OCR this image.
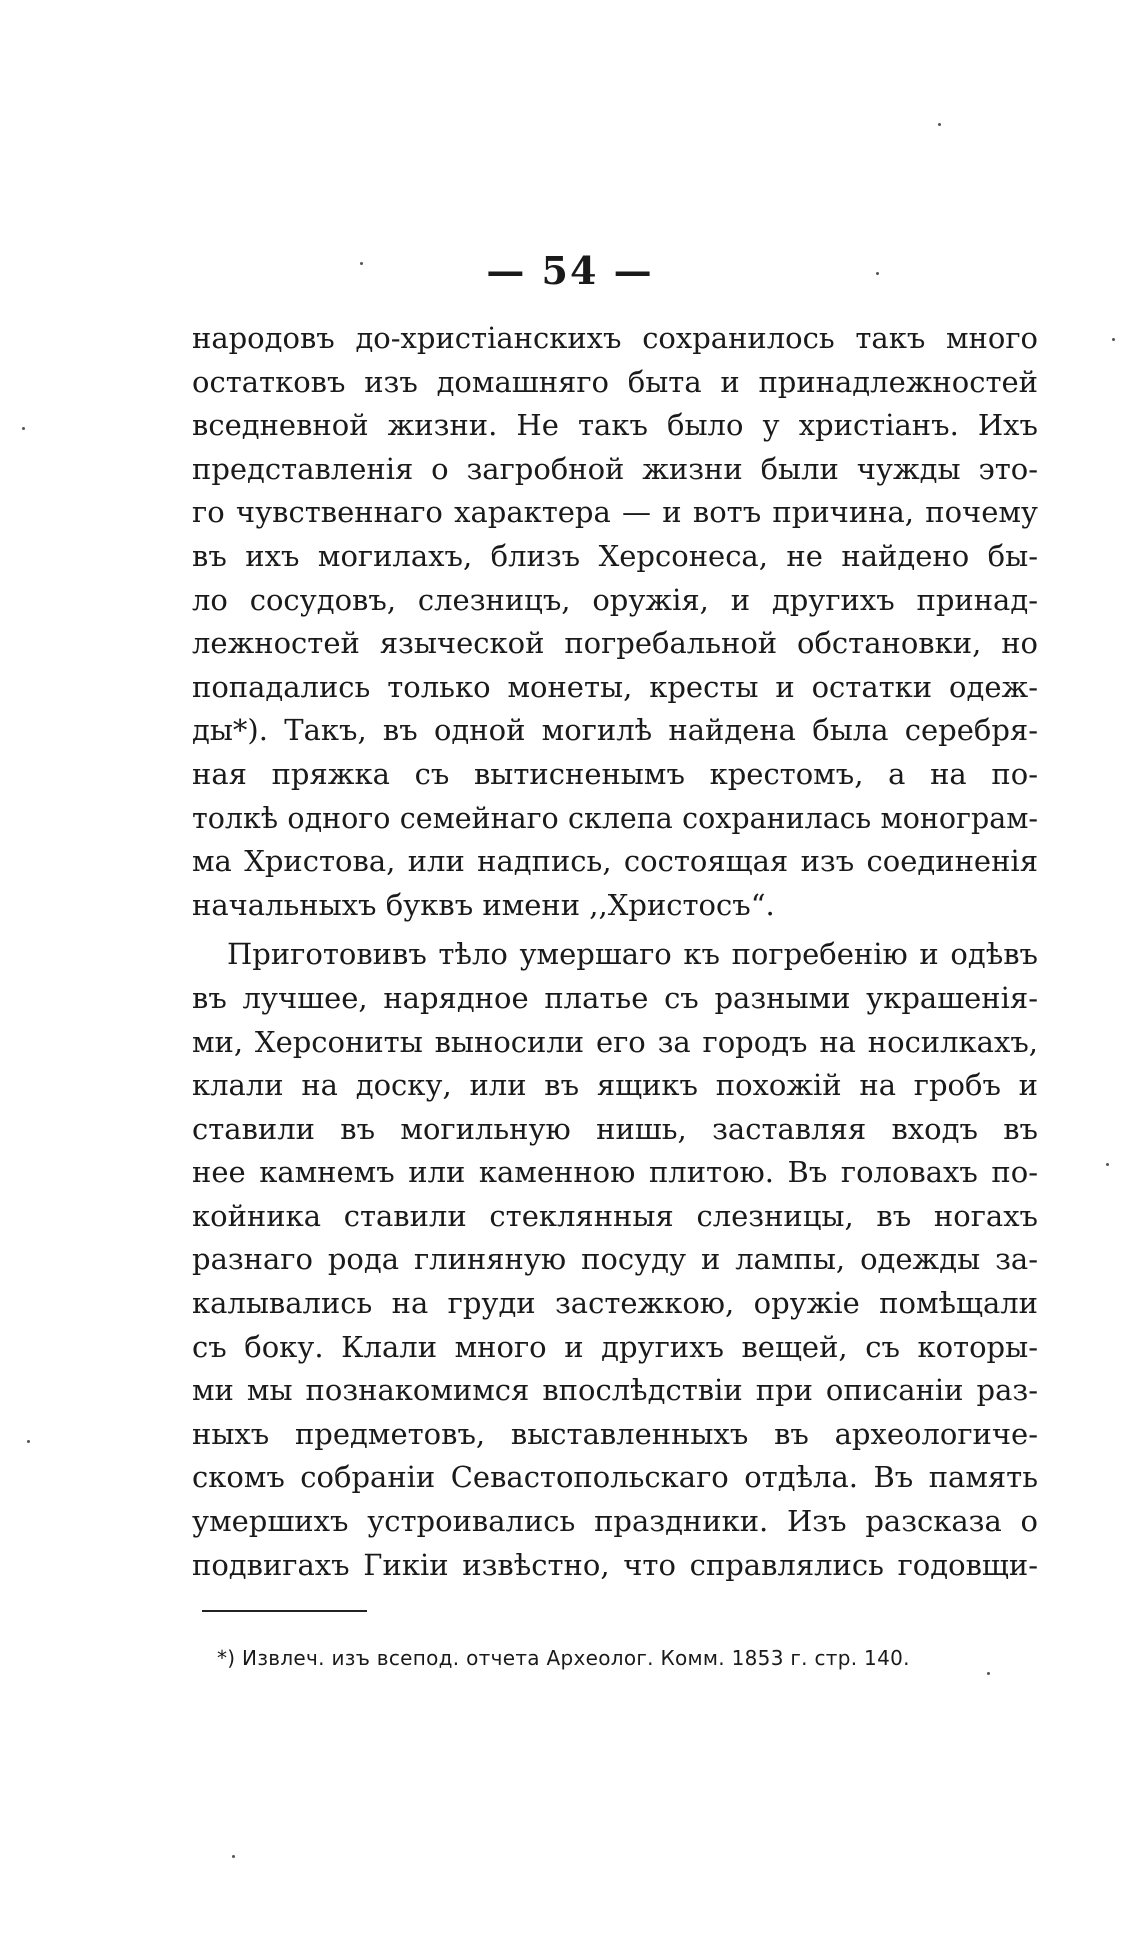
— 54 —
народовъ до-христіанскихъ сохранилось такъ много
остатковъ изъ домашняго быта и принадлежностей
вседневной жизни. Не такъ было у христіанъ. Ихъ
представленія о загробной жизни были чужды это-
го чувственнаго характера — и вотъ причина, почему
въ ихъ могилахъ, близъ Херсонеса, не найдено бы-
ло сосудовъ, слезницъ, оружія, и другихъ принад-
лежностей языческой погребальной обстановки, но
попадались только монеты, кресты и остатки одеж-
ды*). Такъ, въ одной могилѣ найдена была серебря-
ная пряжка съ вытисненымъ крестомъ, а на по-
толкѣ одного семейнаго склепа сохранилась монограм-
ма Христова, или надпись, состоящая изъ соединенія
начальныхъ буквъ имени ,,Христосъ“.
Приготовивъ тѣло умершаго къ погребенію и одѣвъ
въ лучшее, нарядное платье съ разными украшенія-
ми, Херсониты выносили его за городъ на носилкахъ,
клали на доску, или въ ящикъ похожій на гробъ и
ставили въ могильную нишь, заставляя входъ въ
нее камнемъ или каменною плитою. Въ головахъ по-
койника ставили стеклянныя слезницы, въ ногахъ
разнаго рода глиняную посуду и лампы, одежды за-
калывались на груди застежкою, оружіе помѣщали
съ боку. Клали много и другихъ вещей, съ которы-
ми мы познакомимся впослѣдствіи при описаніи раз-
ныхъ предметовъ, выставленныхъ въ археологиче-
скомъ собраніи Севастопольскаго отдѣла. Въ память
умершихъ устроивались праздники. Изъ разсказа о
подвигахъ Гикіи извѣстно, что справлялись годовщи-
*) Извлеч. изъ всепод. отчета Археолог. Комм. 1853 г. стр. 140.
